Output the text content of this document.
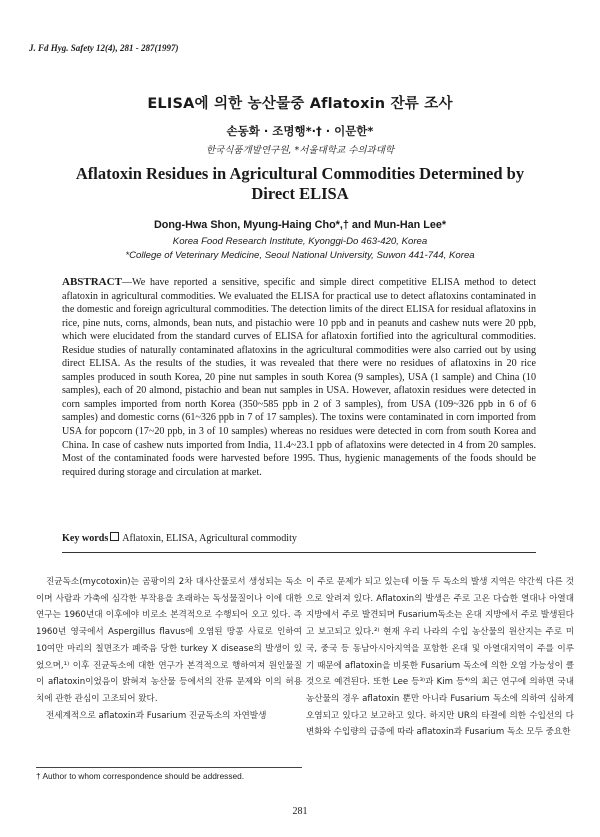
J. Fd Hyg. Safety 12(4), 281 - 287(1997)
ELISA에 의한 농산물중 Aflatoxin 잔류 조사
손동화 · 조명행*·† · 이문한*
한국식품개발연구원, *서울대학교 수의과대학
Aflatoxin Residues in Agricultural Commodities Determined by Direct ELISA
Dong-Hwa Shon, Myung-Haing Cho*,† and Mun-Han Lee*
Korea Food Research Institute, Kyonggi-Do 463-420, Korea
*College of Veterinary Medicine, Seoul National University, Suwon 441-744, Korea
ABSTRACT—We have reported a sensitive, specific and simple direct competitive ELISA method to detect aflatoxin in agricultural commodities. We evaluated the ELISA for practical use to detect aflatoxins contaminated in the domestic and foreign agricultural commodities. The detection limits of the direct ELISA for residual aflatoxins in rice, pine nuts, corns, almonds, bean nuts, and pistachio were 10 ppb and in peanuts and cashew nuts were 20 ppb, which were elucidated from the standard curves of ELISA for aflatoxin fortified into the agricultural commodities. Residue studies of naturally contaminated aflatoxins in the agricultural commodities were also carried out by using direct ELISA. As the results of the studies, it was revealed that there were no residues of aflatoxins in 20 rice samples produced in south Korea, 20 pine nut samples in south Korea (9 samples), USA (1 sample) and China (10 samples), each of 20 almond, pistachio and bean nut samples in USA. However, aflatoxin residues were detected in corn samples imported from north Korea (350~585 ppb in 2 of 3 samples), from USA (109~326 ppb in 6 of 6 samples) and domestic corns (61~326 ppb in 7 of 17 samples). The toxins were contaminated in corn imported from USA for popcorn (17~20 ppb, in 3 of 10 samples) whereas no residues were detected in corn from south Korea and China. In case of cashew nuts imported from India, 11.4~23.1 ppb of aflatoxins were detected in 4 from 20 samples. Most of the contaminated foods were harvested before 1995. Thus, hygienic managements of the foods should be required during storage and circulation at market.
Key words Aflatoxin, ELISA, Agricultural commodity

진균독소(mycotoxin)는 곰팡이의 2차 대사산물로서 생성되는 독소이며 사람과 가축에 심각한 부작용을 초래하는 독성물질이나 이에 대한 연구는 1960년대 이후에야 비로소 본격적으로 수행되어 오고 있다. 즉 1960년 영국에서 Aspergillus flavus에 오염된 땅콩 사료로 인하여 10여만 마리의 칠면조가 폐죽음 당한 turkey X disease의 발생이 있었으며,¹⁾ 이후 진균독소에 대한 연구가 본격적으로 행하여져 원인물질이 aflatoxin이었음이 밝혀져 농산물 등에서의 잔류 문제와 이의 허용치에 관한 관심이 고조되어 왔다.

전세계적으로 aflatoxin과 Fusarium 진균독소의 자연발생

이 주로 문제가 되고 있는데 이들 두 독소의 발생 지역은 약간씩 다른 것으로 알려져 있다. Aflatoxin의 발생은 주로 고온 다습한 열대나 아열대 지방에서 주로 발견되며 Fusarium독소는 온대 지방에서 주로 발생된다고 보고되고 있다.²⁾ 현재 우리 나라의 수입 농산물의 원산지는 주로 미국, 중국 등 동남아시아지역을 포함한 온대 및 아열대지역이 주를 이루기 때문에 aflatoxin을 비롯한 Fusarium 독소에 의한 오염 가능성이 클 것으로 예견된다. 또한 Lee 등³⁾과 Kim 등⁴⁾의 최근 연구에 의하면 국내 농산물의 경우 aflatoxin 뿐만 아니라 Fusarium 독소에 의하여 심하게 오염되고 있다고 보고하고 있다. 하지만 UR의 타결에 의한 수입선의 다변화와 수입량의 급증에 따라 aflatoxin과 Fusarium 독소 모두 중요한

† Author to whom correspondence should be addressed.
281
